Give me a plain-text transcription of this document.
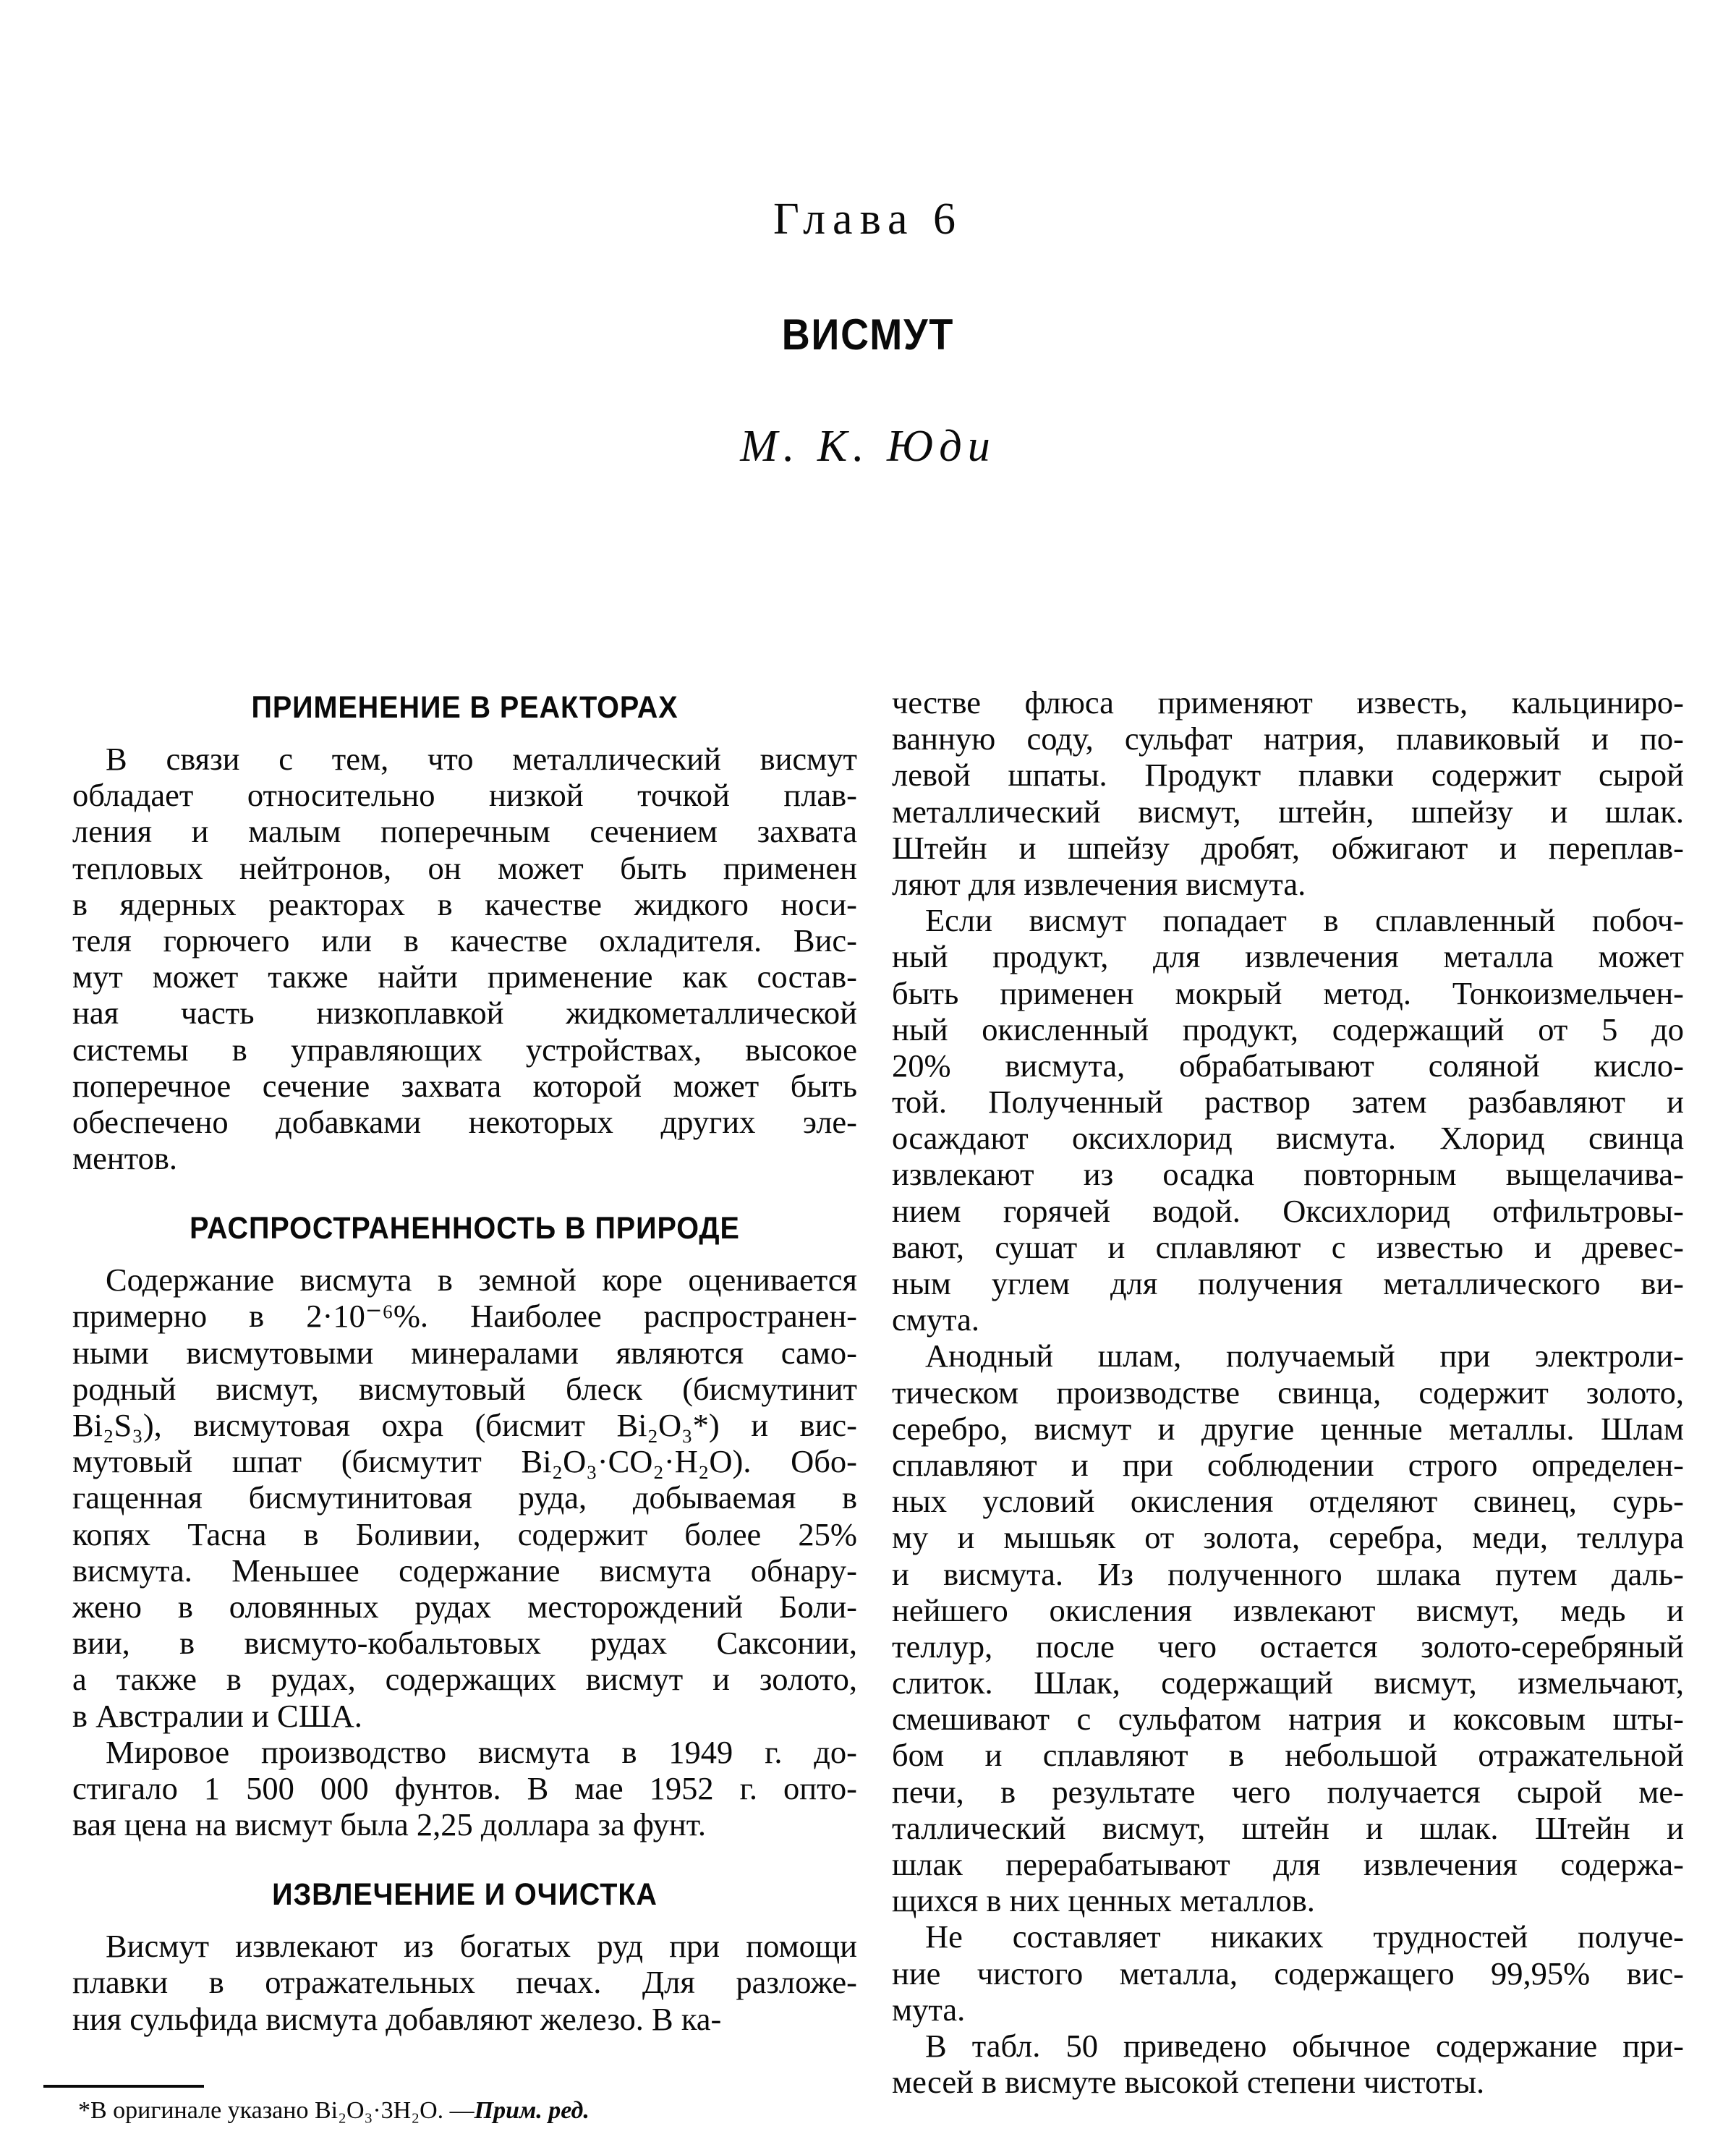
Глава 6
ВИСМУТ
М. К. Юди
ПРИМЕНЕНИЕ В РЕАКТОРАХ
В связи с тем, что металлический висмут
обладает относительно низкой точкой плав-
ления и малым поперечным сечением захвата
тепловых нейтронов, он может быть применен
в ядерных реакторах в качестве жидкого носи-
теля горючего или в качестве охладителя. Вис-
мут может также найти применение как состав-
ная часть низкоплавкой жидкометаллической
системы в управляющих устройствах, высокое
поперечное сечение захвата которой может быть
обеспечено добавками некоторых других эле-
ментов.
РАСПРОСТРАНЕННОСТЬ В ПРИРОДЕ
Содержание висмута в земной коре оценивается
примерно в 2·10⁻⁶%. Наиболее распространен-
ными висмутовыми минералами являются само-
родный висмут, висмутовый блеск (бисмутинит
Bi₂S₃), висмутовая охра (бисмит Bi₂O₃*) и вис-
мутовый шпат (бисмутит Bi₂O₃·CO₂·H₂O). Обо-
гащенная бисмутинитовая руда, добываемая в
копях Тасна в Боливии, содержит более 25%
висмута. Меньшее содержание висмута обнару-
жено в оловянных рудах месторождений Боли-
вии, в висмуто-кобальтовых рудах Саксонии,
а также в рудах, содержащих висмут и золото,
в Австралии и США.
Мировое производство висмута в 1949 г. до-
стигало 1 500 000 фунтов. В мае 1952 г. опто-
вая цена на висмут была 2,25 доллара за фунт.
ИЗВЛЕЧЕНИЕ И ОЧИСТКА
Висмут извлекают из богатых руд при помощи
плавки в отражательных печах. Для разложе-
ния сульфида висмута добавляют железо. В ка-
честве флюса применяют известь, кальциниро-
ванную соду, сульфат натрия, плавиковый и по-
левой шпаты. Продукт плавки содержит сырой
металлический висмут, штейн, шпейзу и шлак.
Штейн и шпейзу дробят, обжигают и переплав-
ляют для извлечения висмута.
Если висмут попадает в сплавленный побоч-
ный продукт, для извлечения металла может
быть применен мокрый метод. Тонкоизмельчен-
ный окисленный продукт, содержащий от 5 до
20% висмута, обрабатывают соляной кисло-
той. Полученный раствор затем разбавляют и
осаждают оксихлорид висмута. Хлорид свинца
извлекают из осадка повторным выщелачива-
нием горячей водой. Оксихлорид отфильтровы-
вают, сушат и сплавляют с известью и древес-
ным углем для получения металлического ви-
смута.
Анодный шлам, получаемый при электроли-
тическом производстве свинца, содержит золото,
серебро, висмут и другие ценные металлы. Шлам
сплавляют и при соблюдении строго определен-
ных условий окисления отделяют свинец, сурь-
му и мышьяк от золота, серебра, меди, теллура
и висмута. Из полученного шлака путем даль-
нейшего окисления извлекают висмут, медь и
теллур, после чего остается золото-серебряный
слиток. Шлак, содержащий висмут, измельчают,
смешивают с сульфатом натрия и коксовым шты-
бом и сплавляют в небольшой отражательной
печи, в результате чего получается сырой ме-
таллический висмут, штейн и шлак. Штейн и
шлак перерабатывают для извлечения содержа-
щихся в них ценных металлов.
Не составляет никаких трудностей получе-
ние чистого металла, содержащего 99,95% вис-
мута.
В табл. 50 приведено обычное содержание при-
месей в висмуте высокой степени чистоты.
*В оригинале указано Bi₂O₃·3H₂O. —Прим. ред.
